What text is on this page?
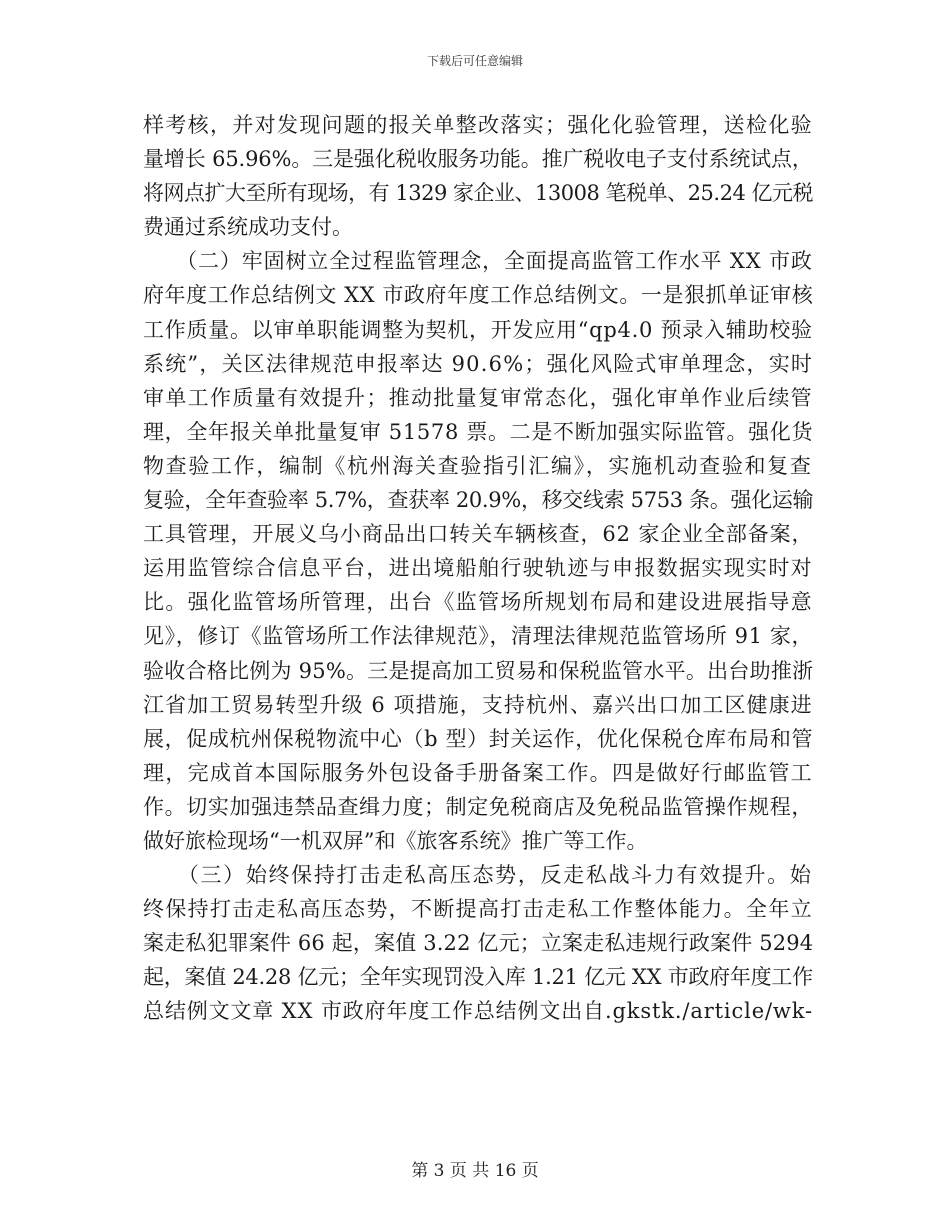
下载后可任意编辑
样考核，并对发现问题的报关单整改落实；强化化验管理，送检化验
量增长 65.96%。三是强化税收服务功能。推广税收电子支付系统试点，
将网点扩大至所有现场，有 1329 家企业、13008 笔税单、25.24 亿元税
费通过系统成功支付。
　　（二）牢固树立全过程监管理念，全面提高监管工作水平 XX 市政
府年度工作总结例文 XX 市政府年度工作总结例文。一是狠抓单证审核
工作质量。以审单职能调整为契机，开发应用“qp4.0 预录入辅助校验
系统”，关区法律规范申报率达 90.6%；强化风险式审单理念，实时
审单工作质量有效提升；推动批量复审常态化，强化审单作业后续管
理，全年报关单批量复审 51578 票。二是不断加强实际监管。强化货
物查验工作，编制《杭州海关查验指引汇编》，实施机动查验和复查
复验，全年查验率 5.7%，查获率 20.9%，移交线索 5753 条。强化运输
工具管理，开展义乌小商品出口转关车辆核查，62 家企业全部备案，
运用监管综合信息平台，进出境船舶行驶轨迹与申报数据实现实时对
比。强化监管场所管理，出台《监管场所规划布局和建设进展指导意
见》，修订《监管场所工作法律规范》，清理法律规范监管场所 91 家，
验收合格比例为 95%。三是提高加工贸易和保税监管水平。出台助推浙
江省加工贸易转型升级 6 项措施，支持杭州、嘉兴出口加工区健康进
展，促成杭州保税物流中心（b 型）封关运作，优化保税仓库布局和管
理，完成首本国际服务外包设备手册备案工作。四是做好行邮监管工
作。切实加强违禁品查缉力度；制定免税商店及免税品监管操作规程，
做好旅检现场“一机双屏”和《旅客系统》推广等工作。
　　（三）始终保持打击走私高压态势，反走私战斗力有效提升。始
终保持打击走私高压态势，不断提高打击走私工作整体能力。全年立
案走私犯罪案件 66 起，案值 3.22 亿元；立案走私违规行政案件 5294
起，案值 24.28 亿元；全年实现罚没入库 1.21 亿元 XX 市政府年度工作
总结例文文章 XX 市政府年度工作总结例文出自.gkstk./article/wk-
第 3 页 共 16 页
